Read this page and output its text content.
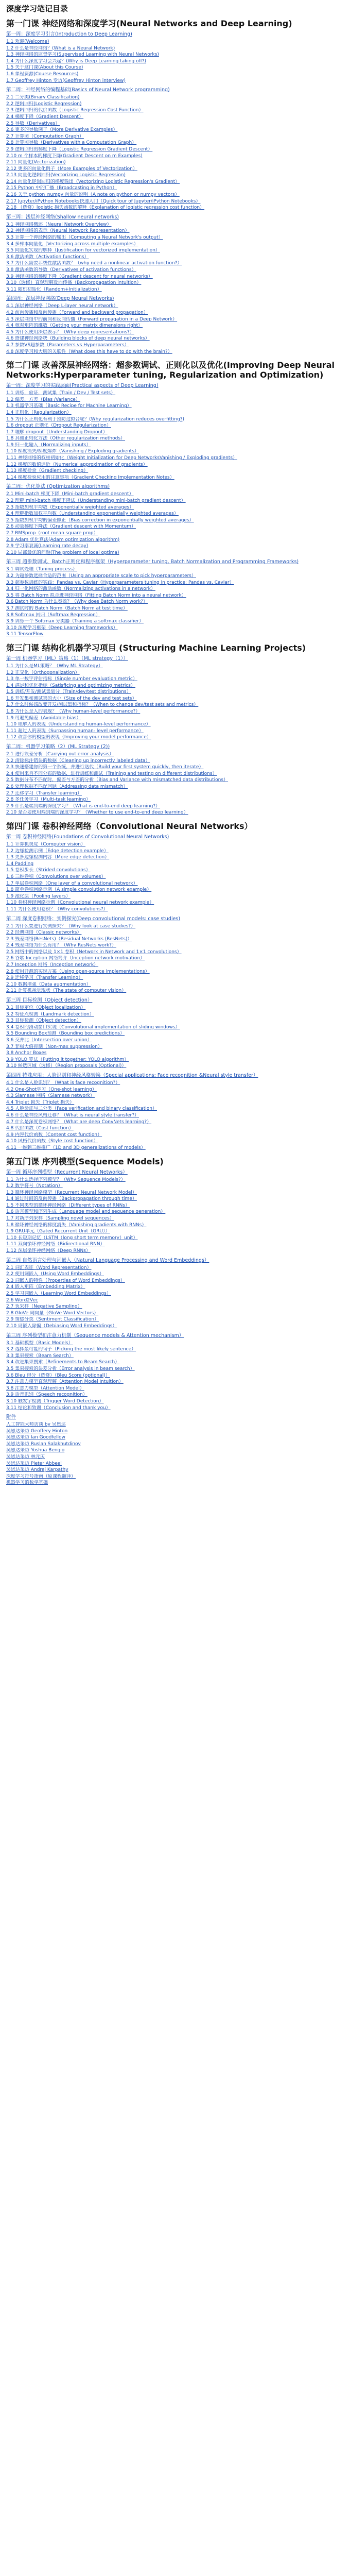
深度学习笔记目录
第一门课 神经网络和深度学习(Neural Networks and Deep Learning)
第一周：深度学习引言(Introduction to Deep Learning)
1.1 欢迎(Welcome)
1.2 什么是神经网络？(What is a Neural Network)
1.3 神经网络的监督学习(Supervised Learning with Neural Networks)
1.4 为什么深度学习会兴起？(Why is Deep Learning taking off?)
1.5 关于这门课(About this Course)
1.6 课程资源(Course Resources)
1.7 Geoffrey Hinton 专访(Geoffrey Hinton interview)
第二周：神经网络的编程基础(Basics of Neural Network programming)
2.1 二分类(Binary Classification)
2.2 逻辑回归(Logistic Regression)
2.3 逻辑回归的代价函数（Logistic Regression Cost Function）
2.4 梯度下降（Gradient Descent）
2.5 导数（Derivatives）
2.6 更多的导数例子（More Derivative Examples）
2.7 计算图（Computation Graph）
2.8 计算图导数（Derivatives with a Computation Graph）
2.9 逻辑回归的梯度下降（Logistic Regression Gradient Descent）
2.10 m 个样本的梯度下降(Gradient Descent on m Examples)
2.11 向量化(Vectorization)
2.12 更多的向量化例子（More Examples of Vectorization）
2.13 向量化逻辑回归(Vectorizing Logistic Regression)
2.14 向量化逻辑回归的梯度输出（Vectorizing Logistic Regression's Gradient）
2.15 Python 中的广播（Broadcasting in Python）
2.16 关于 python_numpy 向量的说明（A note on python or numpy vectors）
2.17 Jupyter/iPython Notebooks快速入门（Quick tour of Jupyter/iPython Notebooks）
2.18 （选修）logistic 损失函数的解释（Explanation of logistic regression cost function）
第三周：浅层神经网络(Shallow neural networks)
3.1 神经网络概述（Neural Network Overview）
3.2 神经网络的表示（Neural Network Representation）
3.3 计算一个神经网络的输出（Computing a Neural Network's output）
3.4 多样本向量化（Vectorizing across multiple examples）
3.5 向量化实现的解释（Justification for vectorized implementation）
3.6 激活函数（Activation functions）
3.7 为什么需要非线性激活函数？（why need a nonlinear activation function?）
3.8 激活函数的导数（Derivatives of activation functions）
3.9 神经网络的梯度下降（Gradient descent for neural networks）
3.10（选修）直观理解反向传播（Backpropagation intuition）
3.11 随机初始化（Random+Initialization）
第四周：深层神经网络(Deep Neural Networks)
4.1 深层神经网络（Deep L-layer neural network）
4.2 前向传播和反向传播（Forward and backward propagation）
4.3 深层网络中的前向和反向传播（Forward propagation in a Deep Network）
4.4 核对矩阵的维数（Getting your matrix dimensions right）
4.5 为什么使用深层表示？（Why deep representations?）
4.6 搭建神经网络块（Building blocks of deep neural networks）
4.7 参数VS超参数（Parameters vs Hyperparameters）
4.8 深度学习和大脑的关联性（What does this have to do with the brain?）
第二门课 改善深层神经网络：超参数调试、正则化以及优化(Improving Deep Neural Networks:Hyperparameter tuning, Regularization and Optimization)
第一周：深度学习的实践层面(Practical aspects of Deep Learning)
1.1 训练，验证，测试集（Train / Dev / Test sets）
1.2 偏差，方差（Bias /Variance）
1.3 机器学习基础（Basic Recipe for Machine Learning）
1.4 正则化（Regularization）
1.5 为什么正则化有利于预防过拟合呢？(Why regularization reduces overfitting?)
1.6 dropout 正则化（Dropout Regularization）
1.7 理解 dropout（Understanding Dropout）
1.8 其他正则化方法（Other regularization methods）
1.9 归一化输入（Normalizing inputs）
1.10 梯度消失/梯度爆炸（Vanishing / Exploding gradients）
1.11 神经网络的权重初始化（Weight Initialization for Deep NetworksVanishing / Exploding gradients）
1.12 梯度的数值逼近（Numerical approximation of gradients）
1.13 梯度检验（Gradient checking）
1.14 梯度检验应用的注意事项（Gradient Checking Implementation Notes）
第二周：优化算法 (Optimization algorithms)
2.1 Mini-batch 梯度下降（Mini-batch gradient descent）
2.2 理解 mini-batch 梯度下降法（Understanding mini-batch gradient descent）
2.3 指数加权平均数（Exponentially weighted averages）
2.4 理解指数加权平均数（Understanding exponentially weighted averages）
2.5 指数加权平均的偏差修正（Bias correction in exponentially weighted averages）
2.6 动量梯度下降法（Gradient descent with Momentum）
2.7 RMSprop（root mean square prop）
2.8 Adam 优化算法(Adam optimization algorithm)
2.9 学习率衰减(Learning rate decay)
2.10 局部最优的问题(The problem of local optima)
第三周 超参数调试、Batch正则化和程序框架（Hyperparameter tuning, Batch Normalization and Programming Frameworks)
3.1 调试处理（Tuning process）
3.2 为超参数选择合适的范围（Using an appropriate scale to pick hyperparameters）
3.3 超参数训练的实践：Pandas vs. Caviar（Hyperparameters tuning in practice: Pandas vs. Caviar）
3.4 归一化网络的激活函数（Normalizing activations in a network）
3.5 将 Batch Norm 拟合进神经网络（Fitting Batch Norm into a neural network）
3.6 Batch Norm 为什么奏效？（Why does Batch Norm work?）
3.7 测试时的 Batch Norm（Batch Norm at test time）
3.8 Softmax 回归（Softmax Regression）
3.9 训练一个 Softmax 分类器（Training a softmax classifier）
3.10 深度学习框架（Deep Learning frameworks）
3.11 TensorFlow
第三门课 结构化机器学习项目 (Structuring Machine Learning Projects)
第一周 机器学习（ML）策略（1）（ML strategy（1））
1.1 为什么是ML策略？（Why ML Strategy）
1.2 正交化（Orthogonalization）
1.3 单一数字评估指标（Single number evaluation metric）
1.4 满足和优化指标（Satisficing and optimizing metrics）
1.5 训练/开发/测试集划分（Train/dev/test distributions）
1.6 开发集和测试集的大小（Size of the dev and test sets）
1.7 什么时候该改变开发/测试集和指标？（When to change dev/test sets and metrics）
1.8 为什么是人的表现？（Why human-level performance?）
1.9 可避免偏差（Avoidable bias）
1.10 理解人的表现（Understanding human-level performance）
1.11 超过人的表现（Surpassing human- level performance）
1.12 改善你的模型的表现（Improving your model performance）
第二周：机器学习策略（2）(ML Strategy (2))
2.1 进行误差分析（Carrying out error analysis）
2.2 清除标注错误的数据（Cleaning up incorrectly labeled data）
2.3 快速搭建你的第一个系统，并进行迭代（Build your first system quickly, then iterate）
2.4 使用来自不同分布的数据，进行训练和测试（Training and testing on different distributions）
2.5 数据分布不匹配时，偏差与方差的分析（Bias and Variance with mismatched data distributions）
2.6 处理数据不匹配问题（Addressing data mismatch）
2.7 迁移学习（Transfer learning）
2.8 多任务学习（Multi-task learning）
2.9 什么是端到端的深度学习？（What is end-to-end deep learning?）
2.10 是否要使用端到端的深度学习？（Whether to use end-to-end deep learning）
第四门课 卷积神经网络（Convolutional Neural Networks）
第一周 卷积神经网络(Foundations of Convolutional Neural Networks)
1.1 计算机视觉（Computer vision）
1.2 边缘检测示例（Edge detection example）
1.3 更多边缘检测内容（More edge detection）
1.4 Padding
1.5 卷积步长（Strided convolutions）
1.6 三维卷积（Convolutions over volumes）
1.7 单层卷积网络（One layer of a convolutional network）
1.8 简单卷积网络示例（A simple convolution network example）
1.9 池化层（Pooling layers）
1.10 卷积神经网络示例（Convolutional neural network example）
1.11 为什么使用卷积？（Why convolutions?）
第二周 深度卷积网络：实例探究(Deep convolutional models: case studies)
2.1 为什么要进行实例探究？（Why look at case studies?）
2.2 经典网络（Classic networks）
2.3 残差网络(ResNets)（Residual Networks (ResNets)）
2.4 残差网络为什么有用？（Why ResNets work?）
2.5 网络中的网络以及 1×1 卷积（Network in Network and 1×1 convolutions）
2.6 谷歌 Inception 网络简介（Inception network motivation）
2.7 Inception 网络（Inception network）
2.8 使用开源的实现方案（Using open-source implementations）
2.9 迁移学习（Transfer Learning）
2.10 数据增强（Data augmentation）
2.11 计算机视觉现状（The state of computer vision）
第三周 目标检测（Object detection）
3.1 目标定位（Object localization）
3.2 特征点检测（Landmark detection）
3.3 目标检测（Object detection）
3.4 卷积的滑动窗口实现（Convolutional implementation of sliding windows）
3.5 Bounding Box预测（Bounding box predictions）
3.6 交并比（Intersection over union）
3.7 非极大值抑制（Non-max suppression）
3.8 Anchor Boxes
3.9 YOLO 算法（Putting it together: YOLO algorithm）
3.10 候选区域（选修）（Region proposals (Optional)）
第四周 特殊应用：人脸识别和神经风格转换（Special applications: Face recognition &Neural style transfer）
4.1 什么是人脸识别？（What is face recognition?）
4.2 One-Shot学习（One-shot learning）
4.3 Siamese 网络（Siamese network）
4.4 Triplet 损失（Triplet 损失）
4.5 人脸验证与二分类（Face verification and binary classification）
4.6 什么是神经风格迁移？（What is neural style transfer?）
4.7 什么是深度卷积网络？（What are deep ConvNets learning?）
4.8 代价函数（Cost function）
4.9 内容代价函数（Content cost function）
4.10 风格代价函数（Style cost function）
4.11 一维到三维推广（1D and 3D generalizations of models）
第五门课 序列模型(Sequence Models)
第一周 循环序列模型（Recurrent Neural Networks）
1.1 为什么选择序列模型？（Why Sequence Models?）
1.2 数学符号（Notation）
1.3 循环神经网络模型（Recurrent Neural Network Model）
1.4 通过时间的反向传播（Backpropagation through time）
1.5 不同类型的循环神经网络（Different types of RNNs）
1.6 语言模型和序列生成（Language model and sequence generation）
1.7 对新序列采样（Sampling novel sequences）
1.8 循环神经网络的梯度消失（Vanishing gradients with RNNs）
1.9 GRU单元（Gated Recurrent Unit（GRU））
1.10 长短期记忆（LSTM（long short term memory）unit）
1.11 双向循环神经网络（Bidirectional RNN）
1.12 深层循环神经网络（Deep RNNs）
第二周 自然语言处理与词嵌入（Natural Language Processing and Word Embeddings）
2.1 词汇表征（Word Representation）
2.2 使用词嵌入（Using Word Embeddings）
2.3 词嵌入的特性（Properties of Word Embeddings）
2.4 嵌入矩阵（Embedding Matrix）
2.5 学习词嵌入（Learning Word Embeddings）
2.6 Word2Vec
2.7 负采样（Negative Sampling）
2.8 GloVe 词向量（GloVe Word Vectors）
2.9 情感分类（Sentiment Classification）
2.10 词嵌入除偏（Debiasing Word Embeddings）
第三周 序列模型和注意力机制（Sequence models & Attention mechanism）
3.1 基础模型（Basic Models）
3.2 选择最可能的句子（Picking the most likely sentence）
3.3 集束搜索（Beam Search）
3.4 改进集束搜索（Refinements to Beam Search）
3.5 集束搜索的误差分析（Error analysis in beam search）
3.6 Bleu 得分（选修）（Bleu Score (optional)）
3.7 注意力模型直观理解（Attention Model Intuition）
3.8 注意力模型（Attention Model）
3.9 语音识别（Speech recognition）
3.10 触发字检测（Trigger Word Detection）
3.11 结论和致谢（Conclusion and thank you）
附件
人工智能大师访谈 by 吴恩达
吴恩达采访 Geoffery Hinton
吴恩达采访 Ian Goodfellow
吴恩达采访 Ruslan Salakhutdinov
吴恩达采访 Yoshua Bengio
吴恩达采访 林元庆
吴恩达采访 Pieter Abbeel
吴恩达采访 Andrej Karpathy
深度学习符号指南（原课程翻译）
机器学习的数学基础
